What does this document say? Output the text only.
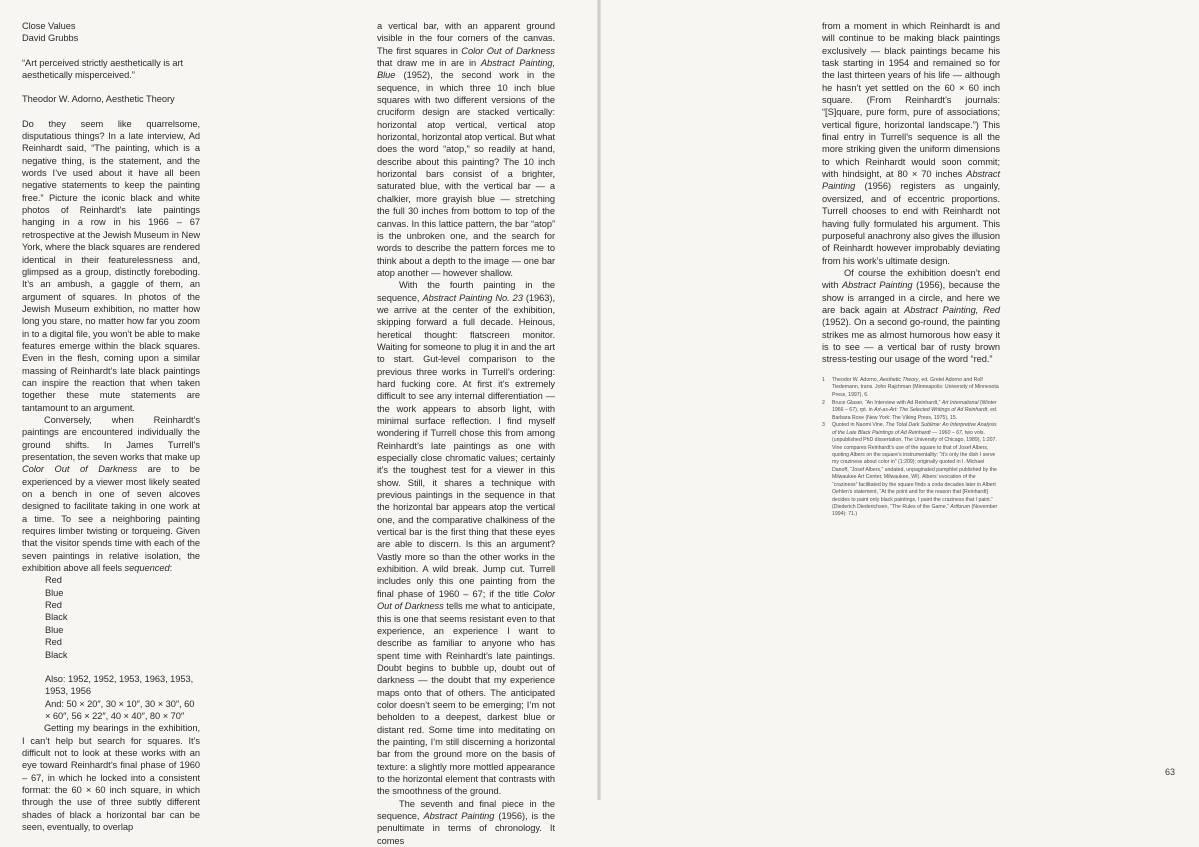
Close Values
David Grubbs
“Art perceived strictly aesthetically is art aesthetically misperceived.”
Theodor W. Adorno, Aesthetic Theory

Do they seem like quarrelsome, disputatious things? In a late interview, Ad Reinhardt said, “The painting, which is a negative thing, is the statement, and the words I’ve used about it have all been negative statements to keep the painting free.” Picture the iconic black and white photos of Reinhardt’s late paintings hanging in a row in his 1966 – 67 retrospective at the Jewish Museum in New York, where the black squares are rendered identical in their featurelessness and, glimpsed as a group, distinctly foreboding. It’s an ambush, a gaggle of them, an argument of squares. In photos of the Jewish Museum exhibition, no matter how long you stare, no matter how far you zoom in to a digital file, you won’t be able to make features emerge within the black squares. Even in the flesh, coming upon a similar massing of Reinhardt’s late black paintings can inspire the reaction that when taken together these mute statements are tantamount to an argument.

Conversely, when Reinhardt’s paintings are encountered individually the ground shifts. In James Turrell’s presentation, the seven works that make up Color Out of Darkness are to be experienced by a viewer most likely seated on a bench in one of seven alcoves designed to facilitate taking in one work at a time. To see a neighboring painting requires limber twisting or torqueing. Given that the visitor spends time with each of the seven paintings in relative isolation, the exhibition above all feels sequenced:

Red
Blue
Red
Black
Blue
Red
Black
Also: 1952, 1952, 1953, 1963, 1953, 1953, 1956
And: 50 × 20″, 30 × 10″, 30 × 30″, 60 × 60″, 56 × 22″, 40 × 40″, 80 × 70″

Getting my bearings in the exhibition, I can’t help but search for squares. It’s difficult not to look at these works with an eye toward Reinhardt’s final phase of 1960 – 67, in which he locked into a consistent format: the 60 × 60 inch square, in which through the use of three subtly different shades of black a horizontal bar can be seen, eventually, to overlap

a vertical bar, with an apparent ground visible in the four corners of the canvas. The first squares in Color Out of Darkness that draw me in are in Abstract Painting, Blue (1952), the second work in the sequence, in which three 10 inch blue squares with two different versions of the cruciform design are stacked vertically: horizontal atop vertical, vertical atop horizontal, horizontal atop vertical. But what does the word “atop,” so readily at hand, describe about this painting? The 10 inch horizontal bars consist of a brighter, saturated blue, with the vertical bar — a chalkier, more grayish blue — stretching the full 30 inches from bottom to top of the canvas. In this lattice pattern, the bar “atop” is the unbroken one, and the search for words to describe the pattern forces me to think about a depth to the image — one bar atop another — however shallow.

With the fourth painting in the sequence, Abstract Painting No. 23 (1963), we arrive at the center of the exhibition, skipping forward a full decade. Heinous, heretical thought: flatscreen monitor. Waiting for someone to plug it in and the art to start. Gut-level comparison to the previous three works in Turrell’s ordering: hard fucking core. At first it’s extremely difficult to see any internal differentiation — the work appears to absorb light, with minimal surface reflection. I find myself wondering if Turrell chose this from among Reinhardt’s late paintings as one with especially close chromatic values; certainly it’s the toughest test for a viewer in this show. Still, it shares a technique with previous paintings in the sequence in that the horizontal bar appears atop the vertical one, and the comparative chalkiness of the vertical bar is the first thing that these eyes are able to discern. Is this an argument? Vastly more so than the other works in the exhibition. A wild break. Jump cut. Turrell includes only this one painting from the final phase of 1960 – 67; if the title Color Out of Darkness tells me what to anticipate, this is one that seems resistant even to that experience, an experience I want to describe as familiar to anyone who has spent time with Reinhardt’s late paintings. Doubt begins to bubble up, doubt out of darkness — the doubt that my experience maps onto that of others. The anticipated color doesn’t seem to be emerging; I’m not beholden to a deepest, darkest blue or distant red. Some time into meditating on the painting, I’m still discerning a horizontal bar from the ground more on the basis of texture: a slightly more mottled appearance to the horizontal element that contrasts with the smoothness of the ground.

The seventh and final piece in the sequence, Abstract Painting (1956), is the penultimate in terms of chronology. It comes

from a moment in which Reinhardt is and will continue to be making black paintings exclusively — black paintings became his task starting in 1954 and remained so for the last thirteen years of his life — although he hasn’t yet settled on the 60 × 60 inch square. (From Reinhardt’s journals: “[S]quare, pure form, pure of associations; vertical figure, horizontal landscape.”) This final entry in Turrell’s sequence is all the more striking given the uniform dimensions to which Reinhardt would soon commit; with hindsight, at 80 × 70 inches Abstract Painting (1956) registers as ungainly, oversized, and of eccentric proportions. Turrell chooses to end with Reinhardt not having fully formulated his argument. This purposeful anachrony also gives the illusion of Reinhardt however improbably deviating from his work’s ultimate design.

Of course the exhibition doesn’t end with Abstract Painting (1956), because the show is arranged in a circle, and here we are back again at Abstract Painting, Red (1952). On a second go-round, the painting strikes me as almost humorous how easy it is to see — a vertical bar of rusty brown stress-testing our usage of the word “red.”

1	Theodor W. Adorno, Aesthetic Theory, ed. Gretel Adorno and Rolf Tiedemann, trans. John Rajchman (Minneapolis: University of Minnesota Press, 1997), 6.
2	Bruce Glaser, “An Interview with Ad Reinhardt,” Art International (Winter 1966 – 67), rpt. in Art-as-Art: The Selected Writings of Ad Reinhardt, ed. Barbara Rose (New York: The Viking Press, 1975), 15.
3	Quoted in Naomi Vine, The Total Dark Sublime: An Interpretive Analysis of the Late Black Paintings of Ad Reinhardt — 1960 – 67, two vols. (unpublished PhD dissertation, The University of Chicago, 1989), 1:207. Vine compares Reinhardt’s use of the square to that of Josef Albers, quoting Albers on the square’s instrumentality: “It’s only the dish I serve my craziness about color in” (1:209); originally quoted in I. Michael Danoff, “Josef Albers,” undated, unpaginated pamphlet published by the Milwaukee Art Center, Milwaukee, WI). Albers’ evocation of the “craziness” facilitated by the square finds a coda decades later in Albert Oehlen’s statement, “At the point and for the reason that [Reinhardt] decides to paint only black paintings, I paint the craziness that I paint.” (Diederich Diederichsen, “The Rules of the Game,” Artforum (November 1994): 71.)
63
